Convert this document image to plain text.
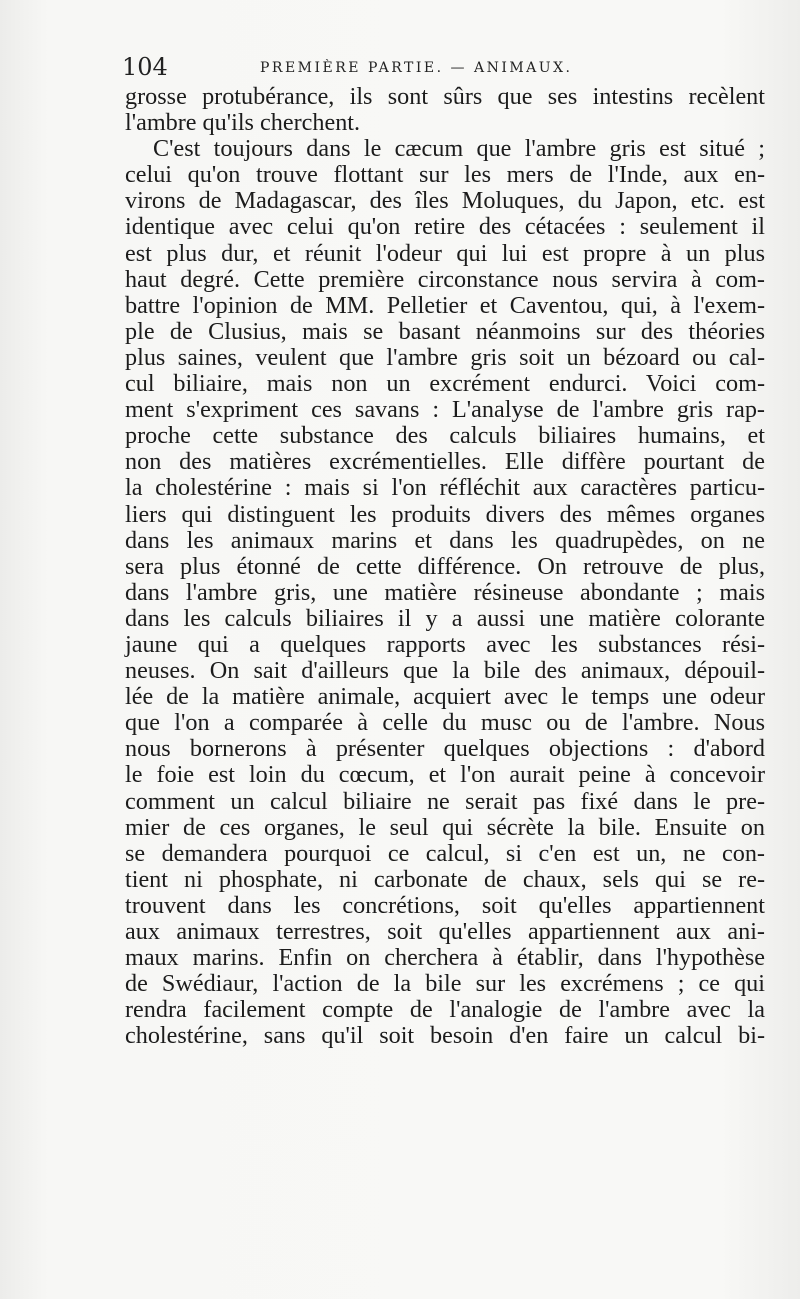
104	PREMIÈRE PARTIE. — ANIMAUX.
grosse protubérance, ils sont sûrs que ses intestins recèlent
l'ambre qu'ils cherchent.
C'est toujours dans le cæcum que l'ambre gris est situé ;
celui qu'on trouve flottant sur les mers de l'Inde, aux en-
virons de Madagascar, des îles Moluques, du Japon, etc. est
identique avec celui qu'on retire des cétacées : seulement il
est plus dur, et réunit l'odeur qui lui est propre à un plus
haut degré. Cette première circonstance nous servira à com-
battre l'opinion de MM. Pelletier et Caventou, qui, à l'exem-
ple de Clusius, mais se basant néanmoins sur des théories
plus saines, veulent que l'ambre gris soit un bézoard ou cal-
cul biliaire, mais non un excrément endurci. Voici com-
ment s'expriment ces savans : L'analyse de l'ambre gris rap-
proche cette substance des calculs biliaires humains, et
non des matières excrémentielles. Elle diffère pourtant de
la cholestérine : mais si l'on réfléchit aux caractères particu-
liers qui distinguent les produits divers des mêmes organes
dans les animaux marins et dans les quadrupèdes, on ne
sera plus étonné de cette différence. On retrouve de plus,
dans l'ambre gris, une matière résineuse abondante ; mais
dans les calculs biliaires il y a aussi une matière colorante
jaune qui a quelques rapports avec les substances rési-
neuses. On sait d'ailleurs que la bile des animaux, dépouil-
lée de la matière animale, acquiert avec le temps une odeur
que l'on a comparée à celle du musc ou de l'ambre. Nous
nous bornerons à présenter quelques objections : d'abord
le foie est loin du cœcum, et l'on aurait peine à concevoir
comment un calcul biliaire ne serait pas fixé dans le pre-
mier de ces organes, le seul qui sécrète la bile. Ensuite on
se demandera pourquoi ce calcul, si c'en est un, ne con-
tient ni phosphate, ni carbonate de chaux, sels qui se re-
trouvent dans les concrétions, soit qu'elles appartiennent
aux animaux terrestres, soit qu'elles appartiennent aux ani-
maux marins. Enfin on cherchera à établir, dans l'hypothèse
de Swédiaur, l'action de la bile sur les excrémens ; ce qui
rendra facilement compte de l'analogie de l'ambre avec la
cholestérine, sans qu'il soit besoin d'en faire un calcul bi-
